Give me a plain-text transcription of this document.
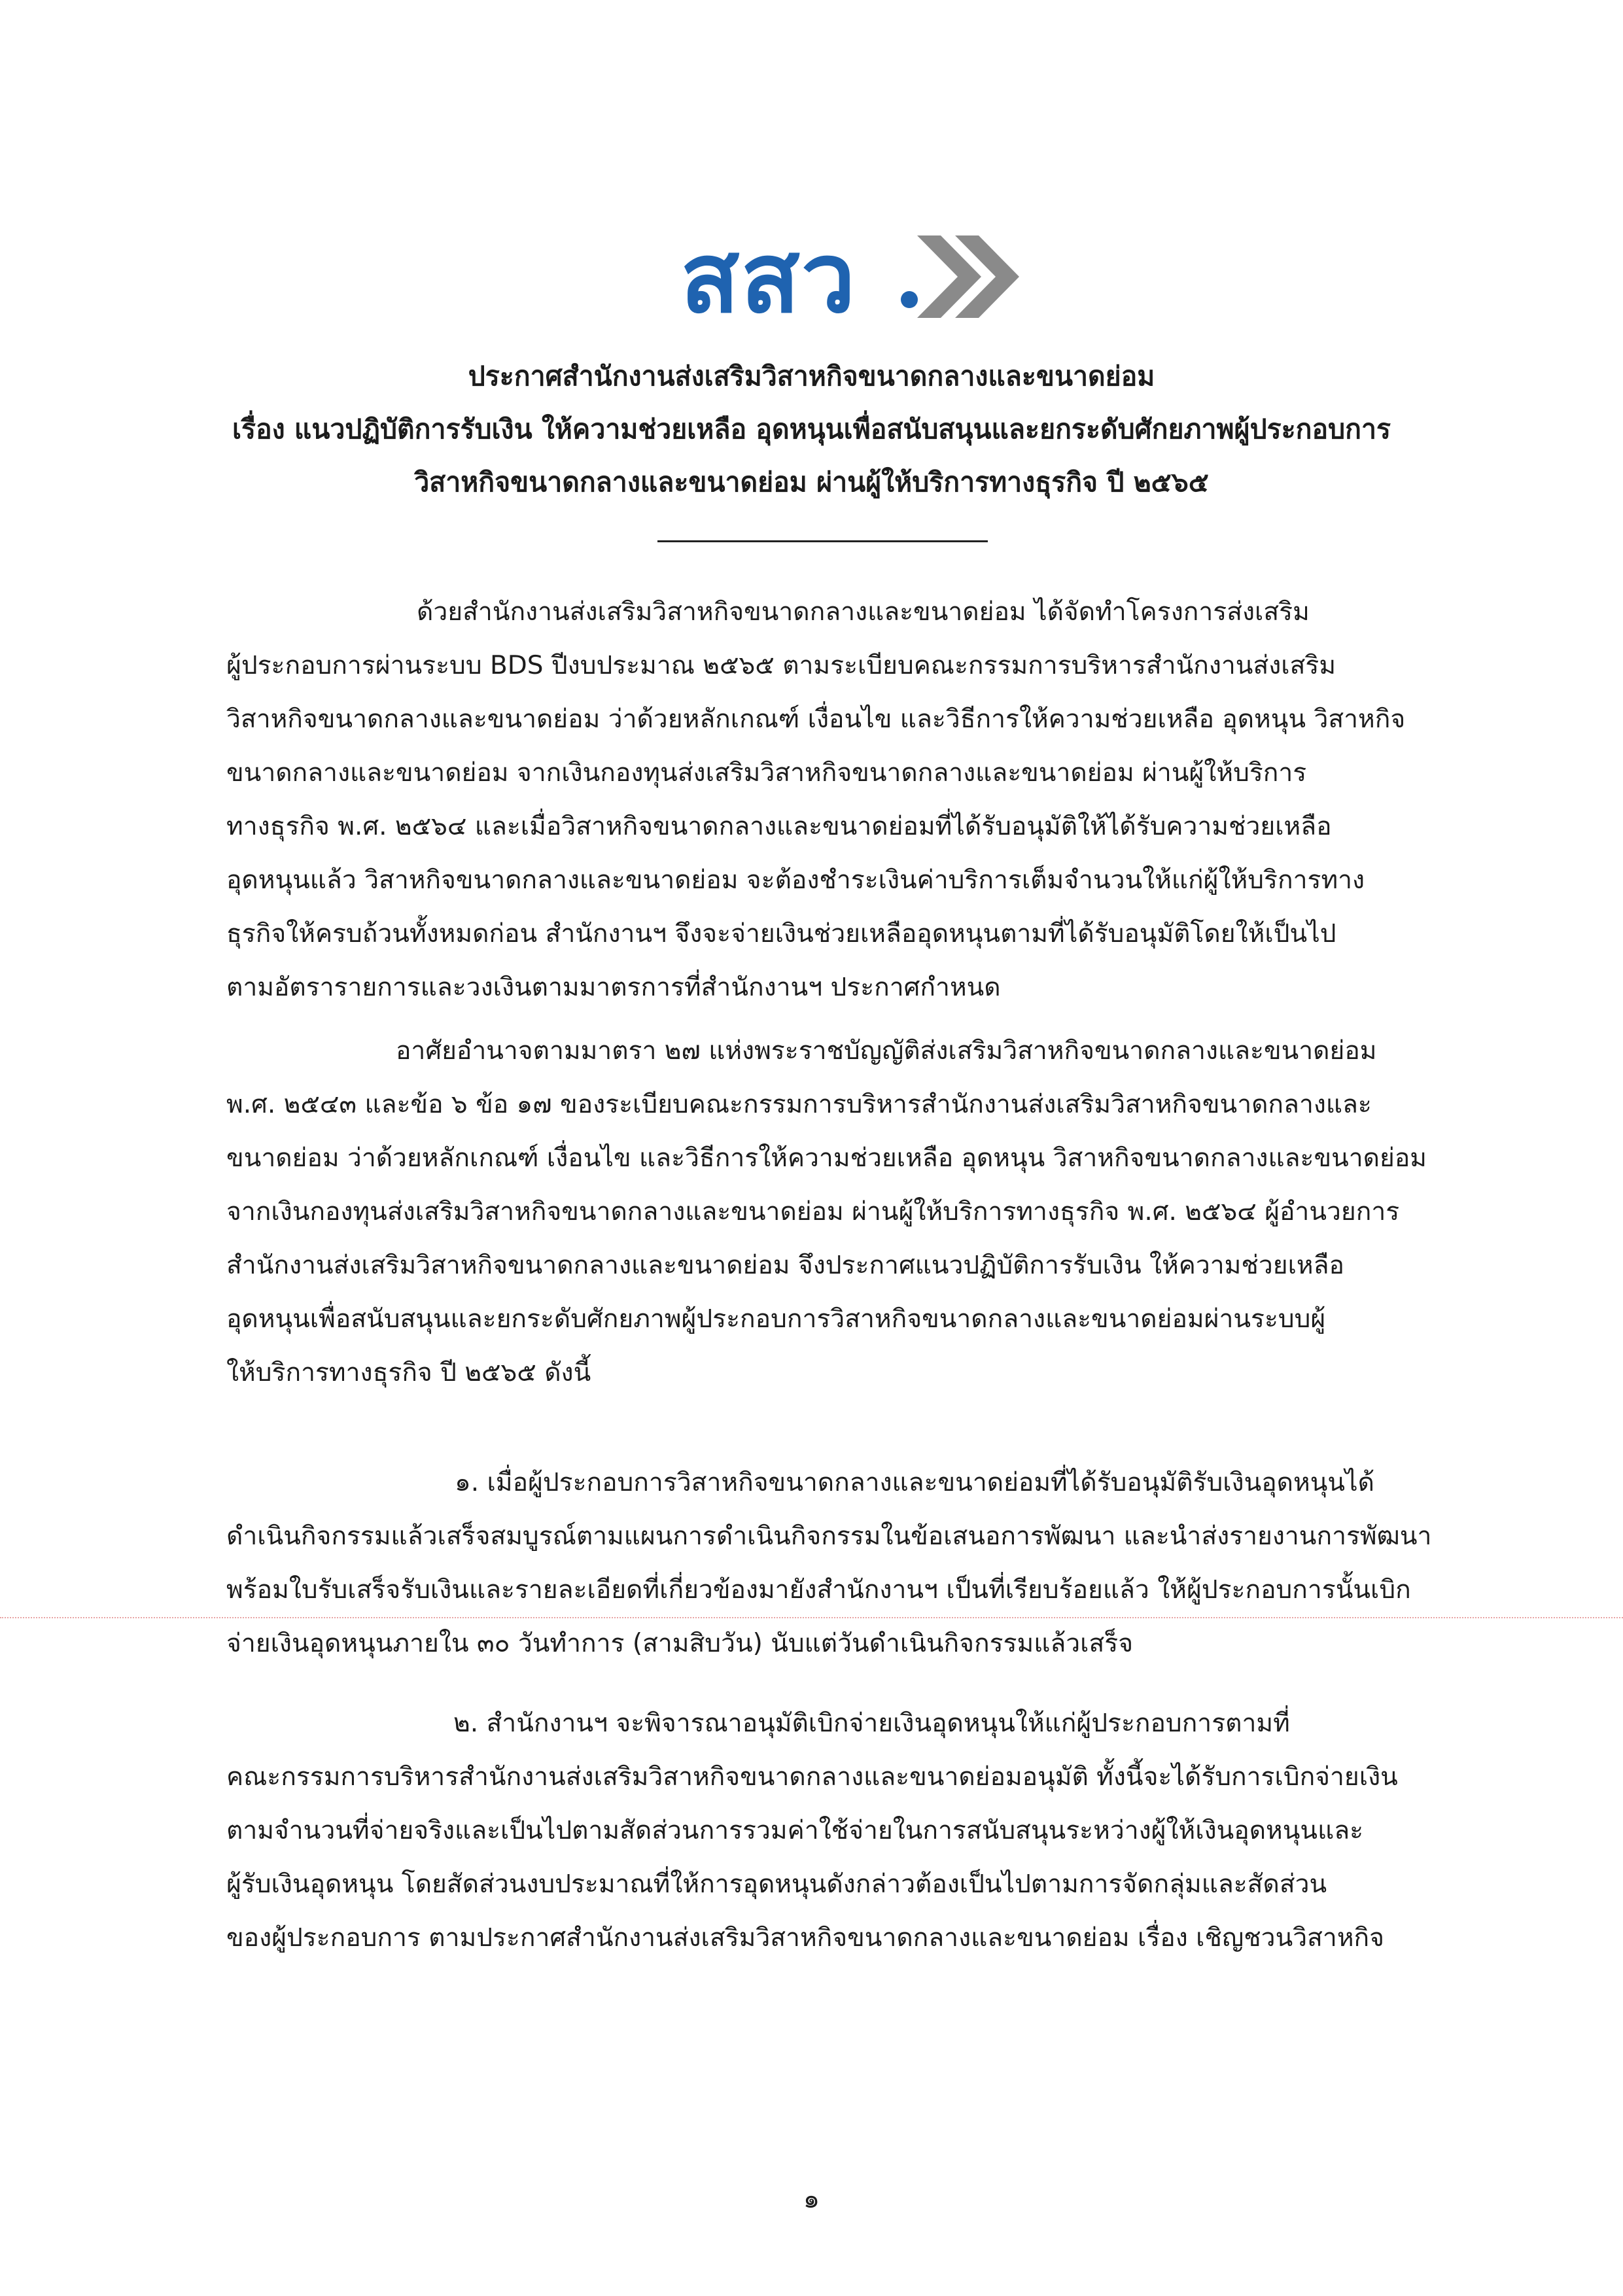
สสว
ประกาศสำนักงานส่งเสริมวิสาหกิจขนาดกลางและขนาดย่อม
เรื่อง แนวปฏิบัติการรับเงิน ให้ความช่วยเหลือ อุดหนุนเพื่อสนับสนุนและยกระดับศักยภาพผู้ประกอบการ
วิสาหกิจขนาดกลางและขนาดย่อม ผ่านผู้ให้บริการทางธุรกิจ ปี ๒๕๖๕
ด้วยสำนักงานส่งเสริมวิสาหกิจขนาดกลางและขนาดย่อม ได้จัดทำโครงการส่งเสริม
ผู้ประกอบการผ่านระบบ BDS ปีงบประมาณ ๒๕๖๕ ตามระเบียบคณะกรรมการบริหารสำนักงานส่งเสริม
วิสาหกิจขนาดกลางและขนาดย่อม ว่าด้วยหลักเกณฑ์ เงื่อนไข และวิธีการให้ความช่วยเหลือ อุดหนุน วิสาหกิจ
ขนาดกลางและขนาดย่อม จากเงินกองทุนส่งเสริมวิสาหกิจขนาดกลางและขนาดย่อม ผ่านผู้ให้บริการ
ทางธุรกิจ พ.ศ. ๒๕๖๔ และเมื่อวิสาหกิจขนาดกลางและขนาดย่อมที่ได้รับอนุมัติให้ได้รับความช่วยเหลือ
อุดหนุนแล้ว วิสาหกิจขนาดกลางและขนาดย่อม จะต้องชำระเงินค่าบริการเต็มจำนวนให้แก่ผู้ให้บริการทาง
ธุรกิจให้ครบถ้วนทั้งหมดก่อน สำนักงานฯ จึงจะจ่ายเงินช่วยเหลืออุดหนุนตามที่ได้รับอนุมัติโดยให้เป็นไป
ตามอัตรารายการและวงเงินตามมาตรการที่สำนักงานฯ ประกาศกำหนด
อาศัยอำนาจตามมาตรา ๒๗ แห่งพระราชบัญญัติส่งเสริมวิสาหกิจขนาดกลางและขนาดย่อม
พ.ศ. ๒๕๔๓ และข้อ ๖ ข้อ ๑๗ ของระเบียบคณะกรรมการบริหารสำนักงานส่งเสริมวิสาหกิจขนาดกลางและ
ขนาดย่อม ว่าด้วยหลักเกณฑ์ เงื่อนไข และวิธีการให้ความช่วยเหลือ อุดหนุน วิสาหกิจขนาดกลางและขนาดย่อม
จากเงินกองทุนส่งเสริมวิสาหกิจขนาดกลางและขนาดย่อม ผ่านผู้ให้บริการทางธุรกิจ พ.ศ. ๒๕๖๔ ผู้อำนวยการ
สำนักงานส่งเสริมวิสาหกิจขนาดกลางและขนาดย่อม จึงประกาศแนวปฏิบัติการรับเงิน ให้ความช่วยเหลือ
อุดหนุนเพื่อสนับสนุนและยกระดับศักยภาพผู้ประกอบการวิสาหกิจขนาดกลางและขนาดย่อมผ่านระบบผู้
ให้บริการทางธุรกิจ ปี ๒๕๖๕ ดังนี้
๑. เมื่อผู้ประกอบการวิสาหกิจขนาดกลางและขนาดย่อมที่ได้รับอนุมัติรับเงินอุดหนุนได้
ดำเนินกิจกรรมแล้วเสร็จสมบูรณ์ตามแผนการดำเนินกิจกรรมในข้อเสนอการพัฒนา และนำส่งรายงานการพัฒนา
พร้อมใบรับเสร็จรับเงินและรายละเอียดที่เกี่ยวข้องมายังสำนักงานฯ เป็นที่เรียบร้อยแล้ว ให้ผู้ประกอบการนั้นเบิก
จ่ายเงินอุดหนุนภายใน ๓๐ วันทำการ (สามสิบวัน) นับแต่วันดำเนินกิจกรรมแล้วเสร็จ
๒. สำนักงานฯ จะพิจารณาอนุมัติเบิกจ่ายเงินอุดหนุนให้แก่ผู้ประกอบการตามที่
คณะกรรมการบริหารสำนักงานส่งเสริมวิสาหกิจขนาดกลางและขนาดย่อมอนุมัติ ทั้งนี้จะได้รับการเบิกจ่ายเงิน
ตามจำนวนที่จ่ายจริงและเป็นไปตามสัดส่วนการรวมค่าใช้จ่ายในการสนับสนุนระหว่างผู้ให้เงินอุดหนุนและ
ผู้รับเงินอุดหนุน โดยสัดส่วนงบประมาณที่ให้การอุดหนุนดังกล่าวต้องเป็นไปตามการจัดกลุ่มและสัดส่วน
ของผู้ประกอบการ ตามประกาศสำนักงานส่งเสริมวิสาหกิจขนาดกลางและขนาดย่อม เรื่อง เชิญชวนวิสาหกิจ
๑
